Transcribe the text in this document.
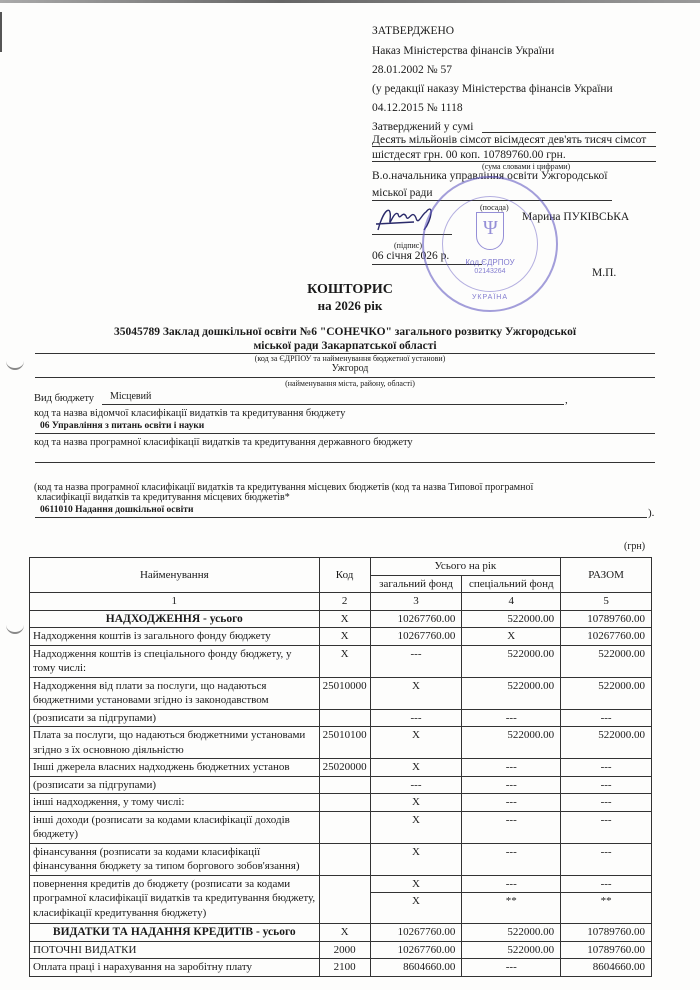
ЗАТВЕРДЖЕНО
Наказ Міністерства фінансів України
28.01.2002 № 57
(у редакції наказу Міністерства фінансів України
04.12.2015 № 1118
Затверджений у сумі
Десять мільйонів сімсот вісімдесят дев'ять тисяч сімсот
шістдесят грн. 00 коп. 10789760.00 грн.
(сума словами і цифрами)
В.о.начальника управління освіти Ужгородської
міської ради
(посада)
Марина ПУКІВСЬКА
(підпис)
06 січня 2026 р.
М.П.
Ψ
Код ЄДРПОУ
02143264
УКРАЇНА
КОШТОРИС
на 2026 рік
35045789 Заклад дошкільної освіти №6 "СОНЕЧКО" загального розвитку Ужгородської
міської ради Закарпатської області
(код за ЄДРПОУ та найменування бюджетної установи)
Ужгород
(найменування міста, району, області)
Вид бюджету Місцевий	,
код та назва відомчої класифікації видатків та кредитування бюджету
06 Управління з питань освіти і науки
код та назва програмної класифікації видатків та кредитування державного бюджету
(код та назва програмної класифікації видатків та кредитування місцевих бюджетів (код та назва Типової програмної
класифікації видатків та кредитування місцевих бюджетів*
0611010 Надання дошкільної освіти	).
(грн)
Найменування	Код	Усього на рік		РАЗОМ
		загальний фонд	спеціальний фонд	
1	2	3	4	5
НАДХОДЖЕННЯ - усього	X	10267760.00	522000.00	10789760.00
Надходження коштів із загального фонду бюджету	X	10267760.00	X	10267760.00
Надходження коштів із спеціального фонду бюджету, у тому числі:	X	---	522000.00	522000.00
Надходження від плати за послуги, що надаються бюджетними установами згідно із законодавством	25010000	X	522000.00	522000.00
(розписати за підгрупами)		---	---	---
Плата за послуги, що надаються бюджетними установами згідно з їх основною діяльністю	25010100	X	522000.00	522000.00
Інші джерела власних надходжень бюджетних установ	25020000	X	---	---
(розписати за підгрупами)		---	---	---
інші надходження, у тому числі:		X	---	---
інші доходи (розписати за кодами класифікації доходів бюджету)		X	---	---
фінансування (розписати за кодами класифікації фінансування бюджету за типом боргового зобов'язання)		X	---	---
повернення кредитів до бюджету (розписати за кодами програмної класифікації видатків та кредитування бюджету, класифікації кредитування бюджету)		X	---	---
		X	**	**
ВИДАТКИ ТА НАДАННЯ КРЕДИТІВ - усього	X	10267760.00	522000.00	10789760.00
ПОТОЧНІ ВИДАТКИ	2000	10267760.00	522000.00	10789760.00
Оплата праці і нарахування на заробітну плату	2100	8604660.00	---	8604660.00
